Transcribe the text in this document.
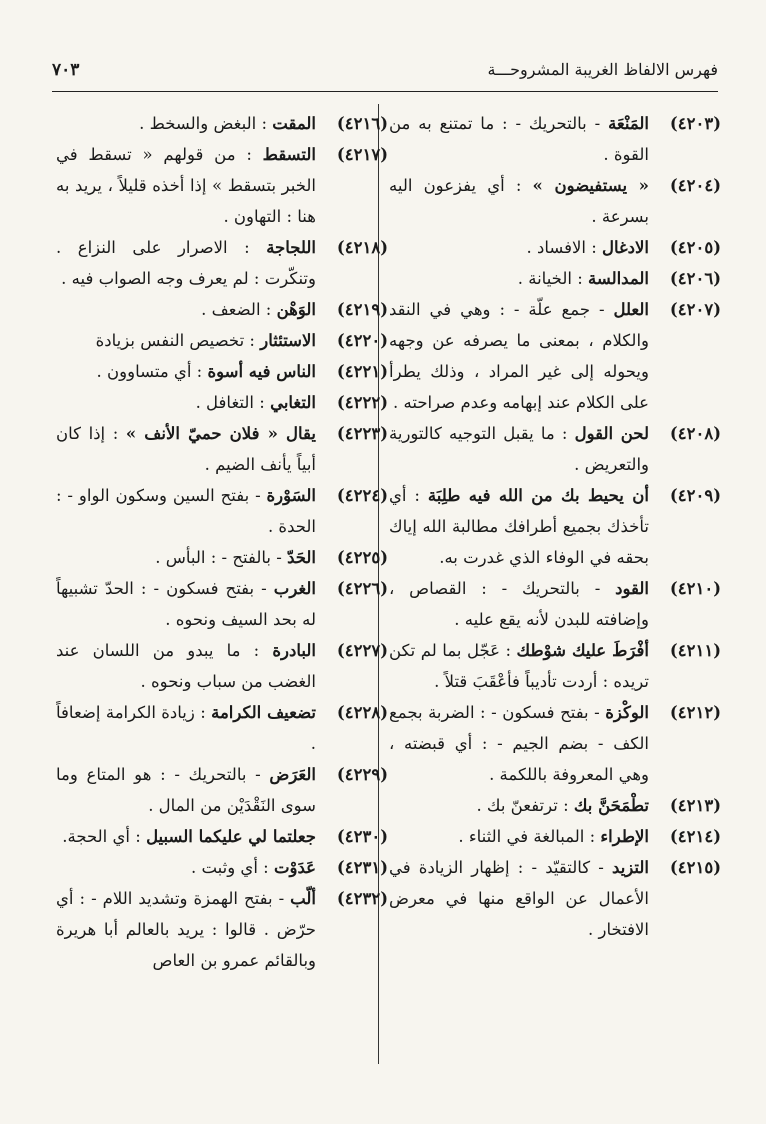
فهرس الالفاظ الغريبة المشروحـــة
٧٠٣
(٤٢٠٣)
المَنْعَة - بالتحريك - : ما تمتنع به من القوة .
(٤٢٠٤)
« يستفيضون » : أي يفزعون اليه بسرعة .
(٤٢٠٥)
الادغال : الافساد .
(٤٢٠٦)
المدالسة : الخيانة .
(٤٢٠٧)
العلل - جمع علّة - : وهي في النقد والكلام ، بمعنى ما يصرفه عن وجهه ويحوله إلى غير المراد ، وذلك يطرأ على الكلام عند إبهامه وعدم صراحته .
(٤٢٠٨)
لحن القول : ما يقبل التوجيه كالتورية والتعريض .
(٤٢٠٩)
أن يحيط بك من الله فيه طلِبَة : أي تأخذك بجميع أطرافك مطالبة الله إياك بحقه في الوفاء الذي غدرت به.
(٤٢١٠)
القود - بالتحريك - : القصاص ، وإضافته للبدن لأنه يقع عليه .
(٤٢١١)
أفْرَطَ عليك شوْطك : عَجّل بما لم تكن تريده : أردت تأديباً فأعْقَبَ قتلاً .
(٤٢١٢)
الوكْزة - بفتح فسكون - : الضربة بجمع الكف - بضم الجيم - : أي قبضته ، وهي المعروفة باللكمة .
(٤٢١٣)
تطْمَحَنَّ بك : ترتفعنّ بك .
(٤٢١٤)
الإطراء : المبالغة في الثناء .
(٤٢١٥)
التزيد - كالتقيّد - : إظهار الزيادة في الأعمال عن الواقع منها في معرض الافتخار .
(٤٢١٦)
المقت : البغض والسخط .
(٤٢١٧)
التسقط : من قولهم « تسقط في الخبر بتسقط » إذا أخذه قليلاً ، يريد به هنا : التهاون .
(٤٢١٨)
اللجاجة : الاصرار على النزاع . وتنكّرت : لم يعرف وجه الصواب فيه .
(٤٢١٩)
الوَهْن : الضعف .
(٤٢٢٠)
الاستئثار : تخصيص النفس بزيادة
(٤٢٢١)
الناس فيه أسوة : أي متساوون .
(٤٢٢٢)
التغابي : التغافل .
(٤٢٢٣)
يقال « فلان حميّ الأنف » : إذا كان أبياً يأنف الضيم .
(٤٢٢٤)
السَوْرة - بفتح السين وسكون الواو - : الحدة .
(٤٢٢٥)
الحَدّ - بالفتح - : البأس .
(٤٢٢٦)
الغرب - بفتح فسكون - : الحدّ تشبيهاً له بحد السيف ونحوه .
(٤٢٢٧)
البادرة : ما يبدو من اللسان عند الغضب من سباب ونحوه .
(٤٢٢٨)
تضعيف الكرامة : زيادة الكرامة إضعافاً .
(٤٢٢٩)
العَرَض - بالتحريك - : هو المتاع وما سوى النَقْدَيْن من المال .
(٤٢٣٠)
جعلتما لي عليكما السبيل : أي الحجة.
(٤٢٣١)
عَدَوْت : أي وثبت .
(٤٢٣٢)
ألّب - بفتح الهمزة وتشديد اللام - : أي حرّض . قالوا : يريد بالعالم أبا هريرة وبالقائم عمرو بن العاص
